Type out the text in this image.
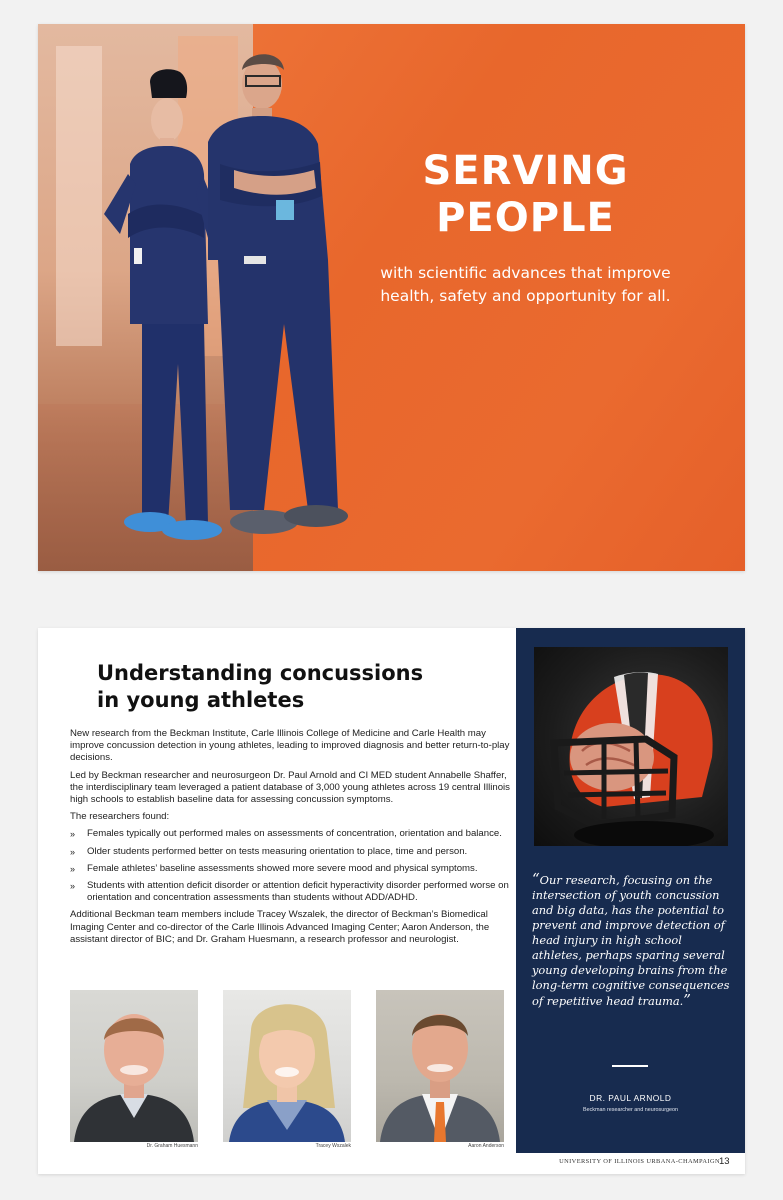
SERVING
PEOPLE

with scientific advances that improve health, safety and opportunity for all.

Understanding concussions
in young athletes

New research from the Beckman Institute, Carle Illinois College of Medicine and Carle Health may improve concussion detection in young athletes, leading to improved diagnosis and better return-to-play decisions.

Led by Beckman researcher and neurosurgeon Dr. Paul Arnold and CI MED student Annabelle Shaffer, the interdisciplinary team leveraged a patient database of 3,000 young athletes across 19 central Illinois high schools to establish baseline data for assessing concussion symptoms.

The researchers found:

» Females typically out performed males on assessments of concentration, orientation and balance.
» Older students performed better on tests measuring orientation to place, time and person.
» Female athletes’ baseline assessments showed more severe mood and physical symptoms.
» Students with attention deficit disorder or attention deficit hyperactivity disorder performed worse on orientation and concentration assessments than students without ADD/ADHD.

Additional Beckman team members include Tracey Wszalek, the director of Beckman’s Biomedical Imaging Center and co-director of the Carle Illinois Advanced Imaging Center; Aaron Anderson, the assistant director of BIC; and Dr. Graham Huesmann, a research professor and neurologist.

Dr. Graham Huesmann	Tracey Wszalek	Aaron Anderson

“Our research, focusing on the intersection of youth concussion and big data, has the potential to prevent and improve detection of head injury in high school athletes, perhaps sparing several young developing brains from the long-term cognitive consequences of repetitive head trauma.”

DR. PAUL ARNOLD
Beckman researcher and neurosurgeon
UNIVERSITY OF ILLINOIS URBANA-CHAMPAIGN 13
